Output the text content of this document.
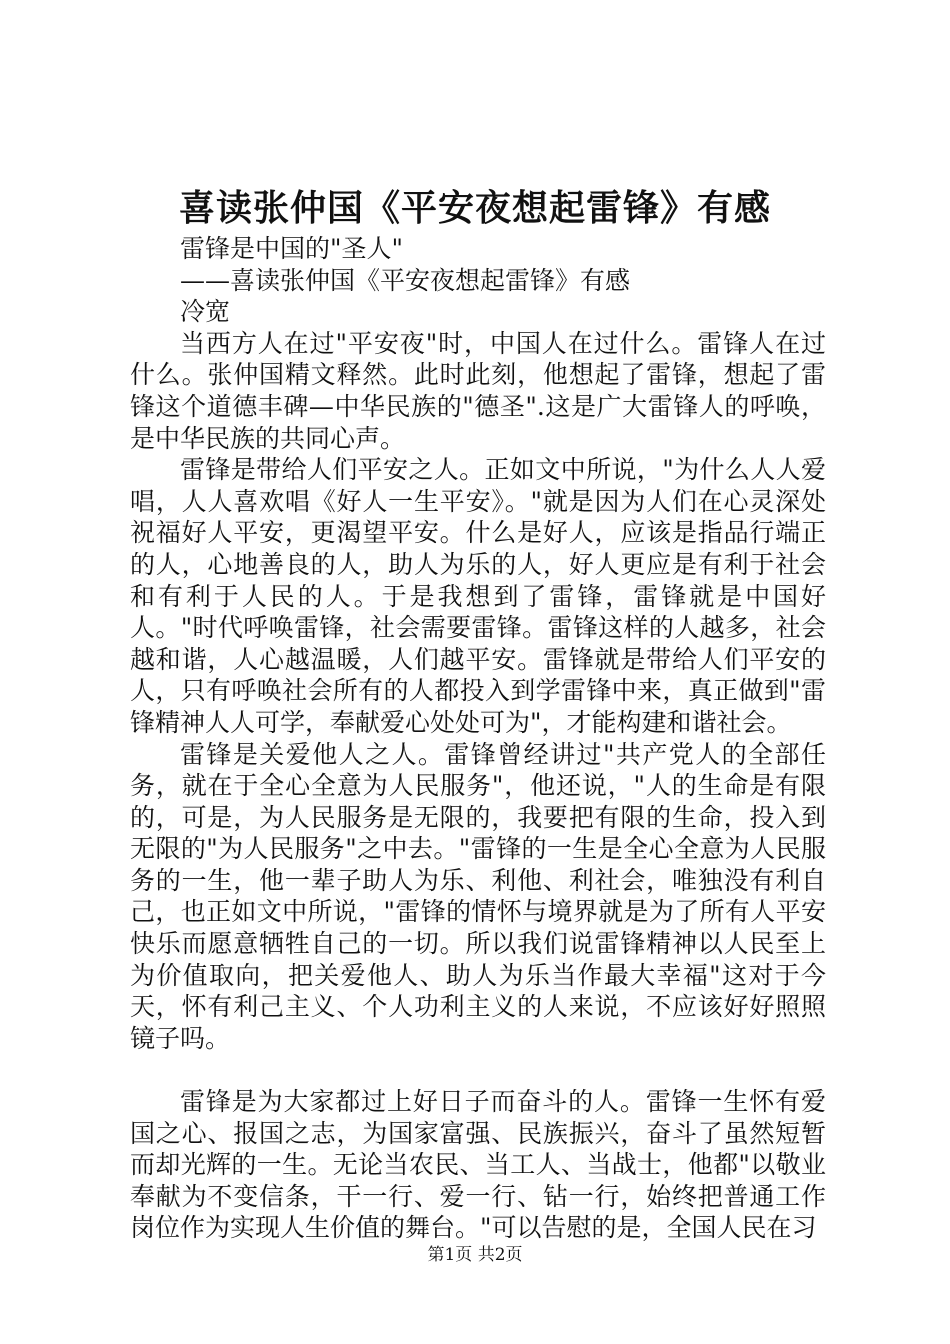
喜读张仲国《平安夜想起雷锋》有感

雷锋是中国的"圣人"

——喜读张仲国《平安夜想起雷锋》有感

冷宽

当西方人在过"平安夜"时，中国人在过什么。雷锋人在过什么。张仲国精文释然。此时此刻，他想起了雷锋，想起了雷锋这个道德丰碑—中华民族的"德圣".这是广大雷锋人的呼唤，是中华民族的共同心声。

雷锋是带给人们平安之人。正如文中所说，"为什么人人爱唱，人人喜欢唱《好人一生平安》。"就是因为人们在心灵深处祝福好人平安，更渴望平安。什么是好人，应该是指品行端正的人，心地善良的人，助人为乐的人，好人更应是有利于社会和有利于人民的人。于是我想到了雷锋，雷锋就是中国好人。"时代呼唤雷锋，社会需要雷锋。雷锋这样的人越多，社会越和谐，人心越温暖，人们越平安。雷锋就是带给人们平安的人，只有呼唤社会所有的人都投入到学雷锋中来，真正做到"雷锋精神人人可学，奉献爱心处处可为"，才能构建和谐社会。

雷锋是关爱他人之人。雷锋曾经讲过"共产党人的全部任务，就在于全心全意为人民服务"，他还说，"人的生命是有限的，可是，为人民服务是无限的，我要把有限的生命，投入到无限的"为人民服务"之中去。"雷锋的一生是全心全意为人民服务的一生，他一辈子助人为乐、利他、利社会，唯独没有利自己，也正如文中所说，"雷锋的情怀与境界就是为了所有人平安快乐而愿意牺牲自己的一切。所以我们说雷锋精神以人民至上为价值取向，把关爱他人、助人为乐当作最大幸福"这对于今天，怀有利己主义、个人功利主义的人来说，不应该好好照照镜子吗。

雷锋是为大家都过上好日子而奋斗的人。雷锋一生怀有爱国之心、报国之志，为国家富强、民族振兴，奋斗了虽然短暂而却光辉的一生。无论当农民、当工人、当战士，他都"以敬业奉献为不变信条，干一行、爱一行、钻一行，始终把普通工作岗位作为实现人生价值的舞台。"可以告慰的是，全国人民在习

第1页 共2页
